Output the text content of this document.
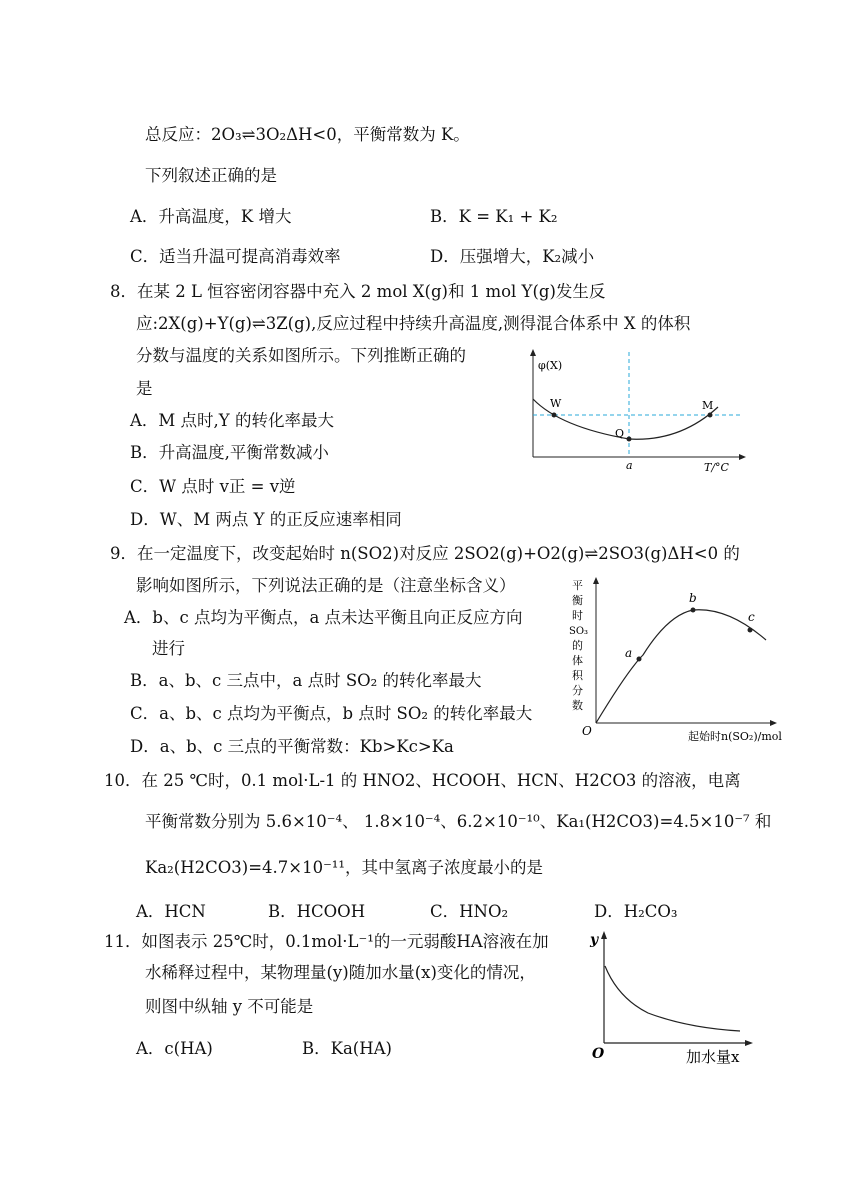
总反应：2O₃⇌3O₂ΔH<0，平衡常数为 K。
下列叙述正确的是
A．升高温度，K 增大	B．K = K₁ + K₂
C．适当升温可提高消毒效率	D．压强增大，K₂减小
8．在某 2 L 恒容密闭容器中充入 2 mol X(g)和 1 mol Y(g)发生反
应:2X(g)+Y(g)⇌3Z(g),反应过程中持续升高温度,测得混合体系中 X 的体积
分数与温度的关系如图所示。下列推断正确的
是
A．M 点时,Y 的转化率最大
B．升高温度,平衡常数减小
C．W 点时 v正 = v逆
D．W、M 两点 Y 的正反应速率相同
φ(X)
W
Q
M
a	T/°C
9．在一定温度下，改变起始时 n(SO2)对反应 2SO2(g)+O2(g)⇌2SO3(g)ΔH<0 的
影响如图所示，下列说法正确的是（注意坐标含义）
A．b、c 点均为平衡点，a 点未达平衡且向正反应方向
进行
B．a、b、c 三点中，a 点时 SO₂ 的转化率最大
C．a、b、c 点均为平衡点，b 点时 SO₂ 的转化率最大
D．a、b、c 三点的平衡常数：Kb>Kc>Ka
平
衡
时
SO₃
的
体
积
分
数
a
b
c
O	起始时n(SO₂)/mol
10．在 25 ℃时，0.1 mol·L-1 的 HNO2、HCOOH、HCN、H2CO3 的溶液，电离
平衡常数分别为 5.6×10⁻⁴、 1.8×10⁻⁴、6.2×10⁻¹⁰、Ka₁(H2CO3)=4.5×10⁻⁷ 和
Ka₂(H2CO3)=4.7×10⁻¹¹，其中氢离子浓度最小的是
A．HCN	B．HCOOH	C．HNO₂	D．H₂CO₃
11．如图表示 25℃时，0.1mol·L⁻¹的一元弱酸HA溶液在加
水稀释过程中，某物理量(y)随加水量(x)变化的情况，
则图中纵轴 y 不可能是
A．c(HA)	B．Ka(HA)
y
O	加水量x
